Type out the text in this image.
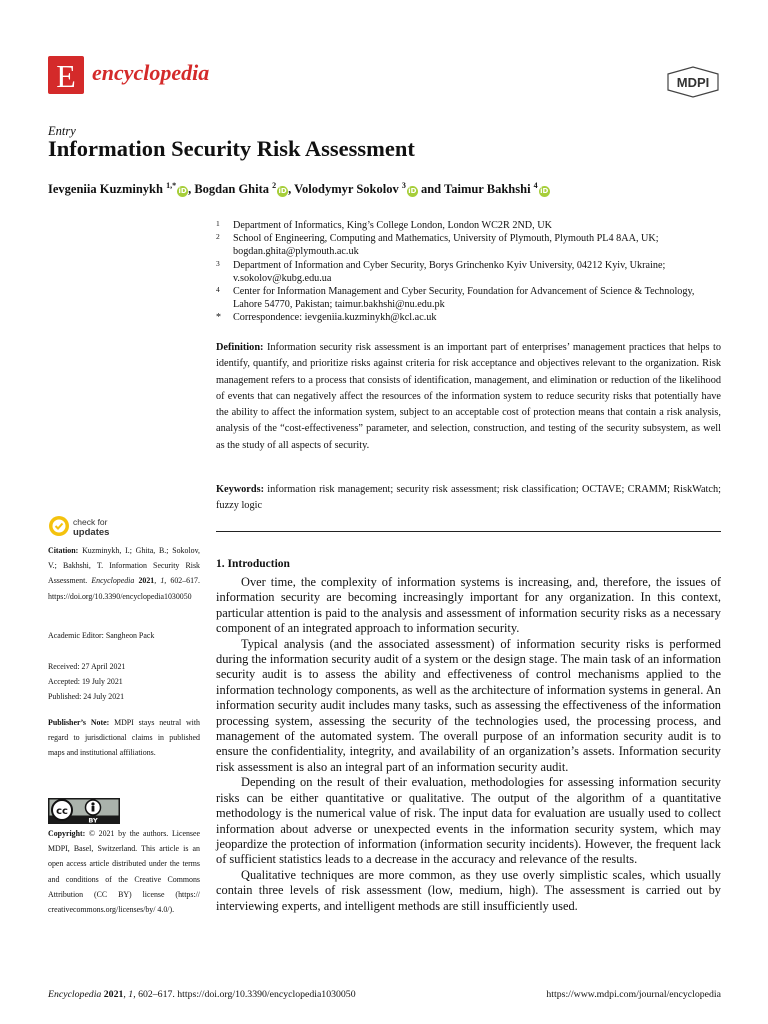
E encyclopedia	MDPI
Entry
Information Security Risk Assessment
Ievgeniia Kuzminykh $^{1,*}$iD, Bogdan Ghita $^2$iD, Volodymyr Sokolov $^3$iD and Taimur Bakhshi $^4$iD
1 Department of Informatics, King’s College London, London WC2R 2ND, UK
2 School of Engineering, Computing and Mathematics, University of Plymouth, Plymouth PL4 8AA, UK; bogdan.ghita@plymouth.ac.uk
3 Department of Information and Cyber Security, Borys Grinchenko Kyiv University, 04212 Kyiv, Ukraine; v.sokolov@kubg.edu.ua
4 Center for Information Management and Cyber Security, Foundation for Advancement of Science & Technology, Lahore 54770, Pakistan; taimur.bakhshi@nu.edu.pk
* Correspondence: ievgeniia.kuzminykh@kcl.ac.uk
Definition: Information security risk assessment is an important part of enterprises’ management practices that helps to identify, quantify, and prioritize risks against criteria for risk acceptance and objectives relevant to the organization. Risk management refers to a process that consists of identification, management, and elimination or reduction of the likelihood of events that can negatively affect the resources of the information system to reduce security risks that potentially have the ability to affect the information system, subject to an acceptable cost of protection means that contain a risk analysis, analysis of the “cost-effectiveness” parameter, and selection, construction, and testing of the security subsystem, as well as the study of all aspects of security.
Keywords: information risk management; security risk assessment; risk classification; OCTAVE; CRAMM; RiskWatch; fuzzy logic
check for
updates
Citation: Kuzminykh, I.; Ghita, B.; Sokolov, V.; Bakhshi, T. Information Security Risk Assessment. Encyclopedia 2021, 1, 602–617. https://doi.org/10.3390/encyclopedia1030050
Academic Editor: Sangheon Pack
Received: 27 April 2021
Accepted: 19 July 2021
Published: 24 July 2021
Publisher’s Note: MDPI stays neutral with regard to jurisdictional claims in published maps and institutional affiliations.
cc
BY
Copyright: © 2021 by the authors. Licensee MDPI, Basel, Switzerland. This article is an open access article distributed under the terms and conditions of the Creative Commons Attribution (CC BY) license (https:// creativecommons.org/licenses/by/ 4.0/).
1. Introduction

Over time, the complexity of information systems is increasing, and, therefore, the issues of information security are becoming increasingly important for any organization. In this context, particular attention is paid to the analysis and assessment of information security risks as a necessary component of an integrated approach to information security.

Typical analysis (and the associated assessment) of information security risks is performed during the information security audit of a system or the design stage. The main task of an information security audit is to assess the ability and effectiveness of control mechanisms applied to the information technology components, as well as the architecture of information systems in general. An information security audit includes many tasks, such as assessing the effectiveness of the information processing system, assessing the security of the technologies used, the processing process, and management of the automated system. The overall purpose of an information security audit is to ensure the confidentiality, integrity, and availability of an organization’s assets. Information security risk assessment is also an integral part of an information security audit.

Depending on the result of their evaluation, methodologies for assessing information security risks can be either quantitative or qualitative. The output of the algorithm of a quantitative methodology is the numerical value of risk. The input data for evaluation are usually used to collect information about adverse or unexpected events in the information security system, which may jeopardize the protection of information (information security incidents). However, the frequent lack of sufficient statistics leads to a decrease in the accuracy and relevance of the results.

Qualitative techniques are more common, as they use overly simplistic scales, which usually contain three levels of risk assessment (low, medium, high). The assessment is carried out by interviewing experts, and intelligent methods are still insufficiently used.

Encyclopedia 2021, 1, 602–617. https://doi.org/10.3390/encyclopedia1030050	https://www.mdpi.com/journal/encyclopedia
